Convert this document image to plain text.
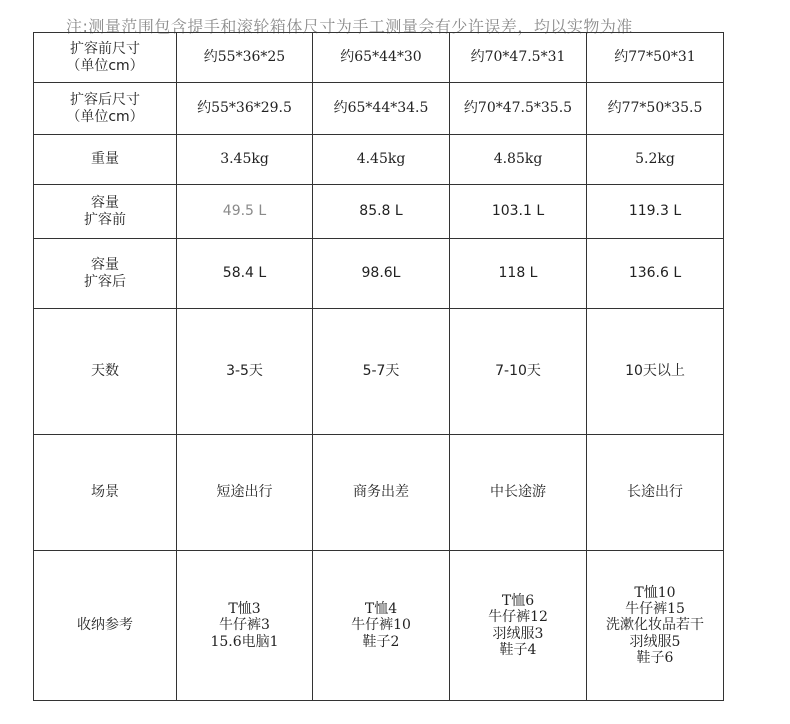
注:测量范围包含提手和滚轮箱体尺寸为手工测量会有少许误差，均以实物为准
扩容前尺寸
（单位cm）	约55*36*25	约65*44*30	约70*47.5*31	约77*50*31

扩容后尺寸
（单位cm）	约55*36*29.5	约65*44*34.5	约70*47.5*35.5	约77*50*35.5

重量	3.45kg	4.45kg	4.85kg	5.2kg

容量
扩容前	49.5 L	85.8 L	103.1 L	119.3 L

容量
扩容后	58.4 L	98.6L	118 L	136.6 L

天数	3-5天	5-7天	7-10天	10天以上

场景	短途出行	商务出差	中长途游	长途出行
收纳参考	T恤3
牛仔裤3
15.6电脑1	T恤4
牛仔裤10
鞋子2	T恤6
牛仔裤12
羽绒服3
鞋子4	T恤10
牛仔裤15
洗漱化妆品若干
羽绒服5
鞋子6
